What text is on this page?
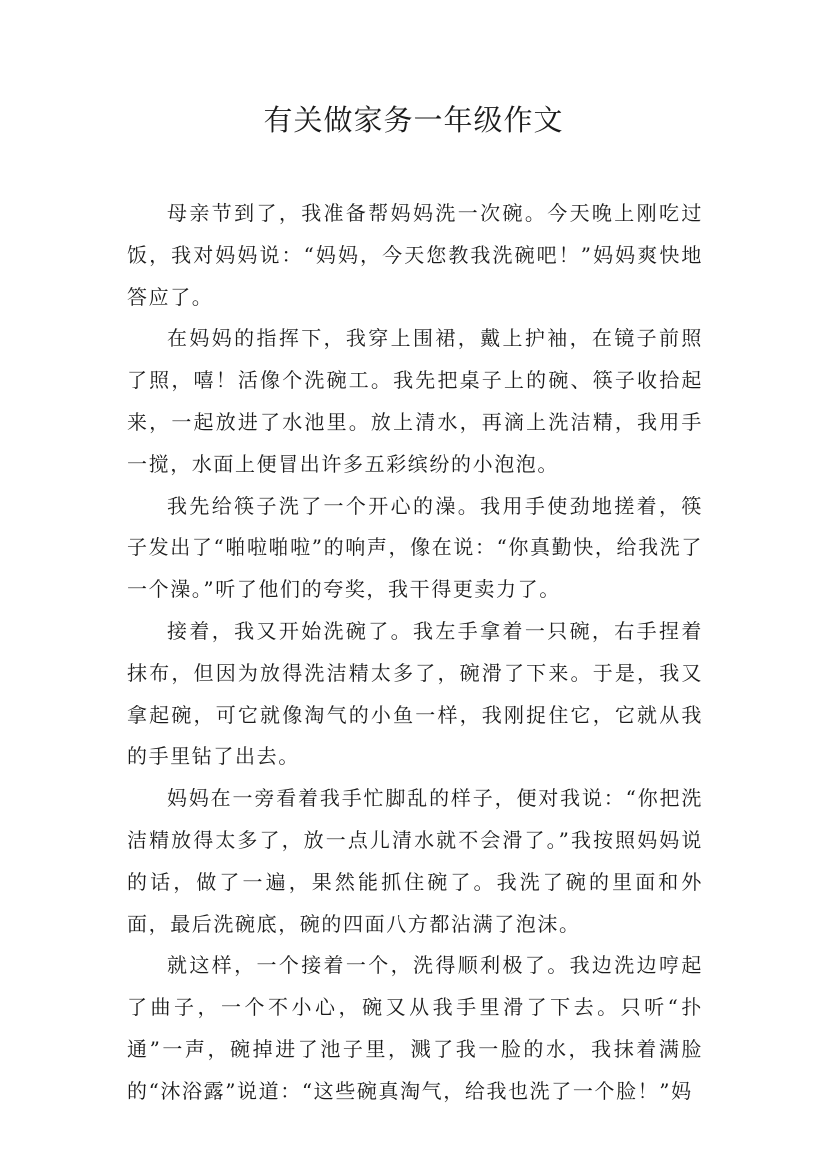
有关做家务一年级作文

母亲节到了，我准备帮妈妈洗一次碗。今天晚上刚吃过饭，我对妈妈说：“妈妈，今天您教我洗碗吧！”妈妈爽快地答应了。

在妈妈的指挥下，我穿上围裙，戴上护袖，在镜子前照了照，嘻！活像个洗碗工。我先把桌子上的碗、筷子收拾起来，一起放进了水池里。放上清水，再滴上洗洁精，我用手一搅，水面上便冒出许多五彩缤纷的小泡泡。

我先给筷子洗了一个开心的澡。我用手使劲地搓着，筷子发出了“啪啦啪啦”的响声，像在说：“你真勤快，给我洗了一个澡。”听了他们的夸奖，我干得更卖力了。

接着，我又开始洗碗了。我左手拿着一只碗，右手捏着抹布，但因为放得洗洁精太多了，碗滑了下来。于是，我又拿起碗，可它就像淘气的小鱼一样，我刚捉住它，它就从我的手里钻了出去。

妈妈在一旁看着我手忙脚乱的样子，便对我说：“你把洗洁精放得太多了，放一点儿清水就不会滑了。”我按照妈妈说的话，做了一遍，果然能抓住碗了。我洗了碗的里面和外面，最后洗碗底，碗的四面八方都沾满了泡沫。

就这样，一个接着一个，洗得顺利极了。我边洗边哼起了曲子，一个不小心，碗又从我手里滑了下去。只听“扑通”一声，碗掉进了池子里，溅了我一脸的水，我抹着满脸的“沐浴露”说道：“这些碗真淘气，给我也洗了一个脸！”妈
